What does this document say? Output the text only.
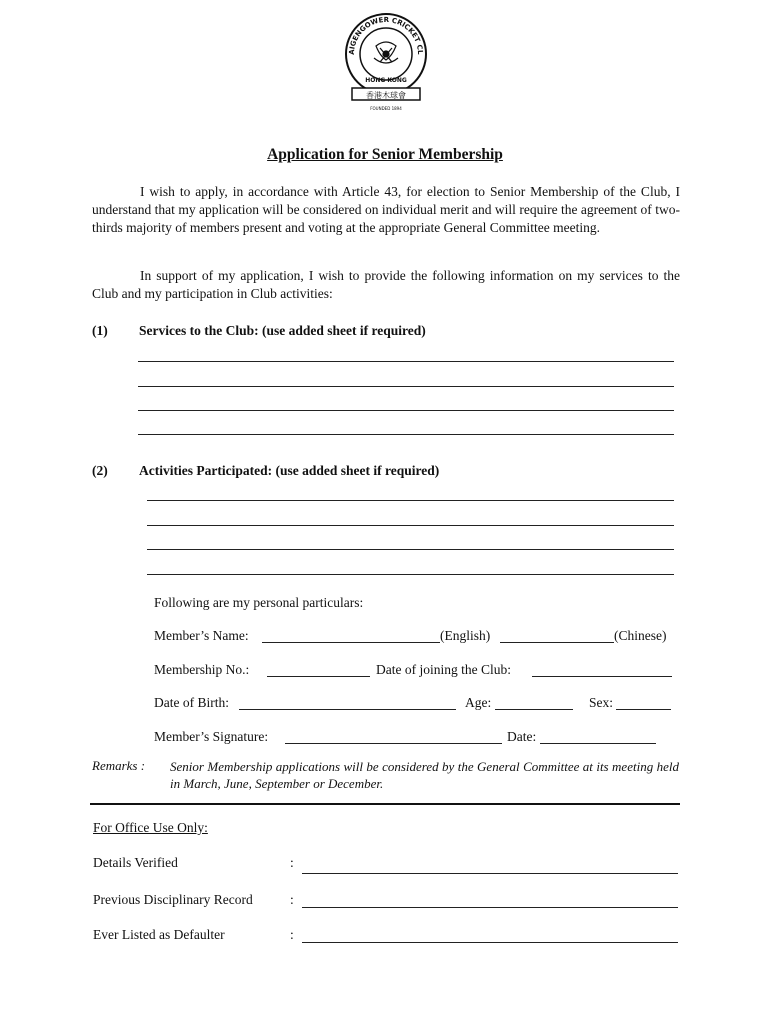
AIGENGOWER CRICKET CL
HONG KONG
香港木球會
FOUNDED 1894
Application for Senior Membership
I wish to apply, in accordance with Article 43, for election to Senior Membership of the Club, I understand that my application will be considered on individual merit and will require the agreement of two-thirds majority of members present and voting at the appropriate General Committee meeting.
In support of my application, I wish to provide the following information on my services to the Club and my participation in Club activities:
(1) Services to the Club: (use added sheet if required)
(2) Activities Participated: (use added sheet if required)
Following are my personal particulars:
Member’s Name:	(English)	(Chinese)
Membership No.:	Date of joining the Club:
Date of Birth:	Age:	Sex:
Member’s Signature:	Date:
Remarks : Senior Membership applications will be considered by the General Committee at its meeting held in March, June, September or December.
For Office Use Only:
Details Verified	:
Previous Disciplinary Record	:
Ever Listed as Defaulter	:
